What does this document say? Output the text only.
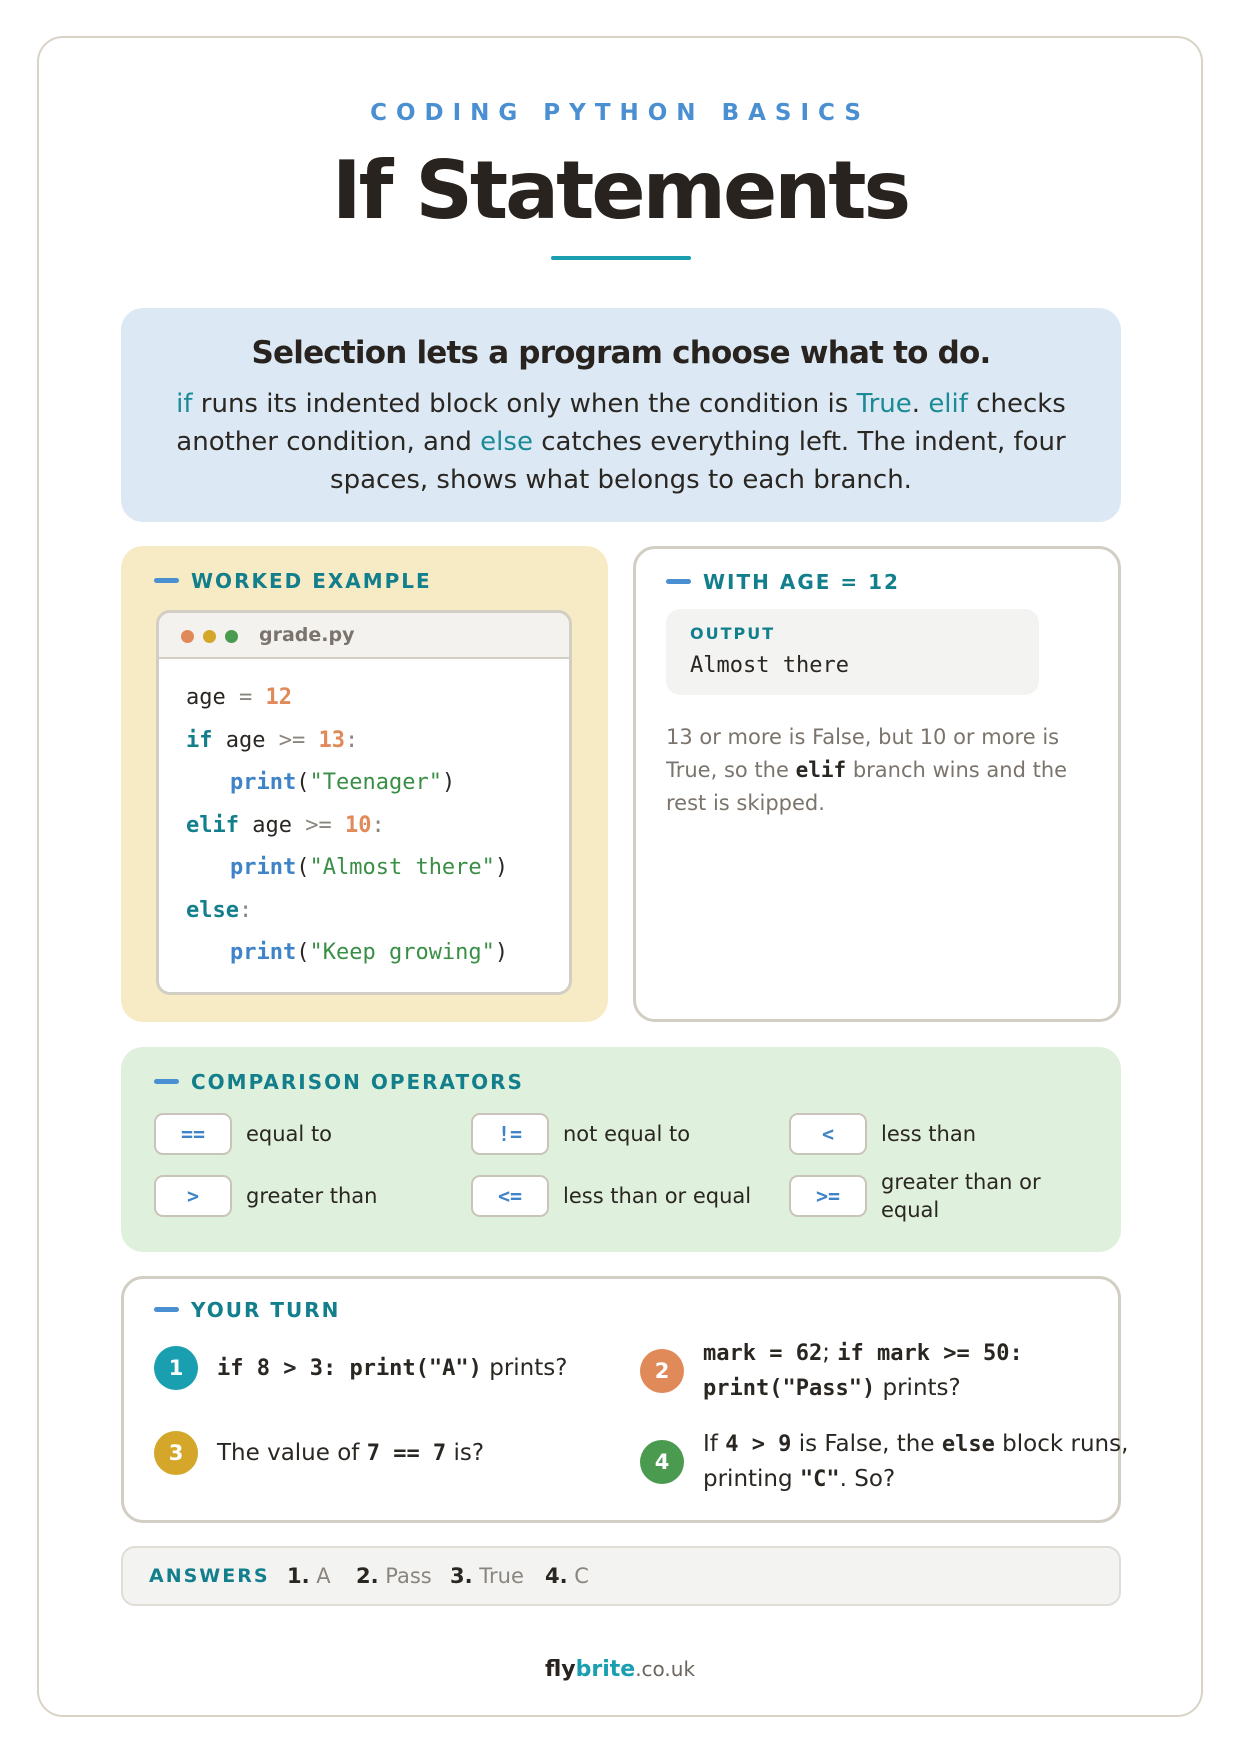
CODING PYTHON BASICS
If Statements
Selection lets a program choose what to do.
if runs its indented block only when the condition is True. elif checks another condition, and else catches everything left. The indent, four spaces, shows what belongs to each branch.
WORKED EXAMPLE
grade.py
age = 12
if age >= 13:
print("Teenager")
elif age >= 10:
print("Almost there")
else:
print("Keep growing")
WITH AGE = 12
OUTPUT
Almost there
13 or more is False, but 10 or more is True, so the elif branch wins and the rest is skipped.
COMPARISON OPERATORS
==	equal to	!=	not equal to	<	less than
>	greater than	<=	less than or equal	>=
greater than or equal
YOUR TURN
1	if 8 > 3: print("A") prints?	2
mark = 62; if mark >= 50: print("Pass") prints?
3	The value of 7 == 7 is?	4
If 4 > 9 is False, the else block runs, printing "C". So?
ANSWERS 1. A 2. Pass 3. True 4. C
flybrite.co.uk
